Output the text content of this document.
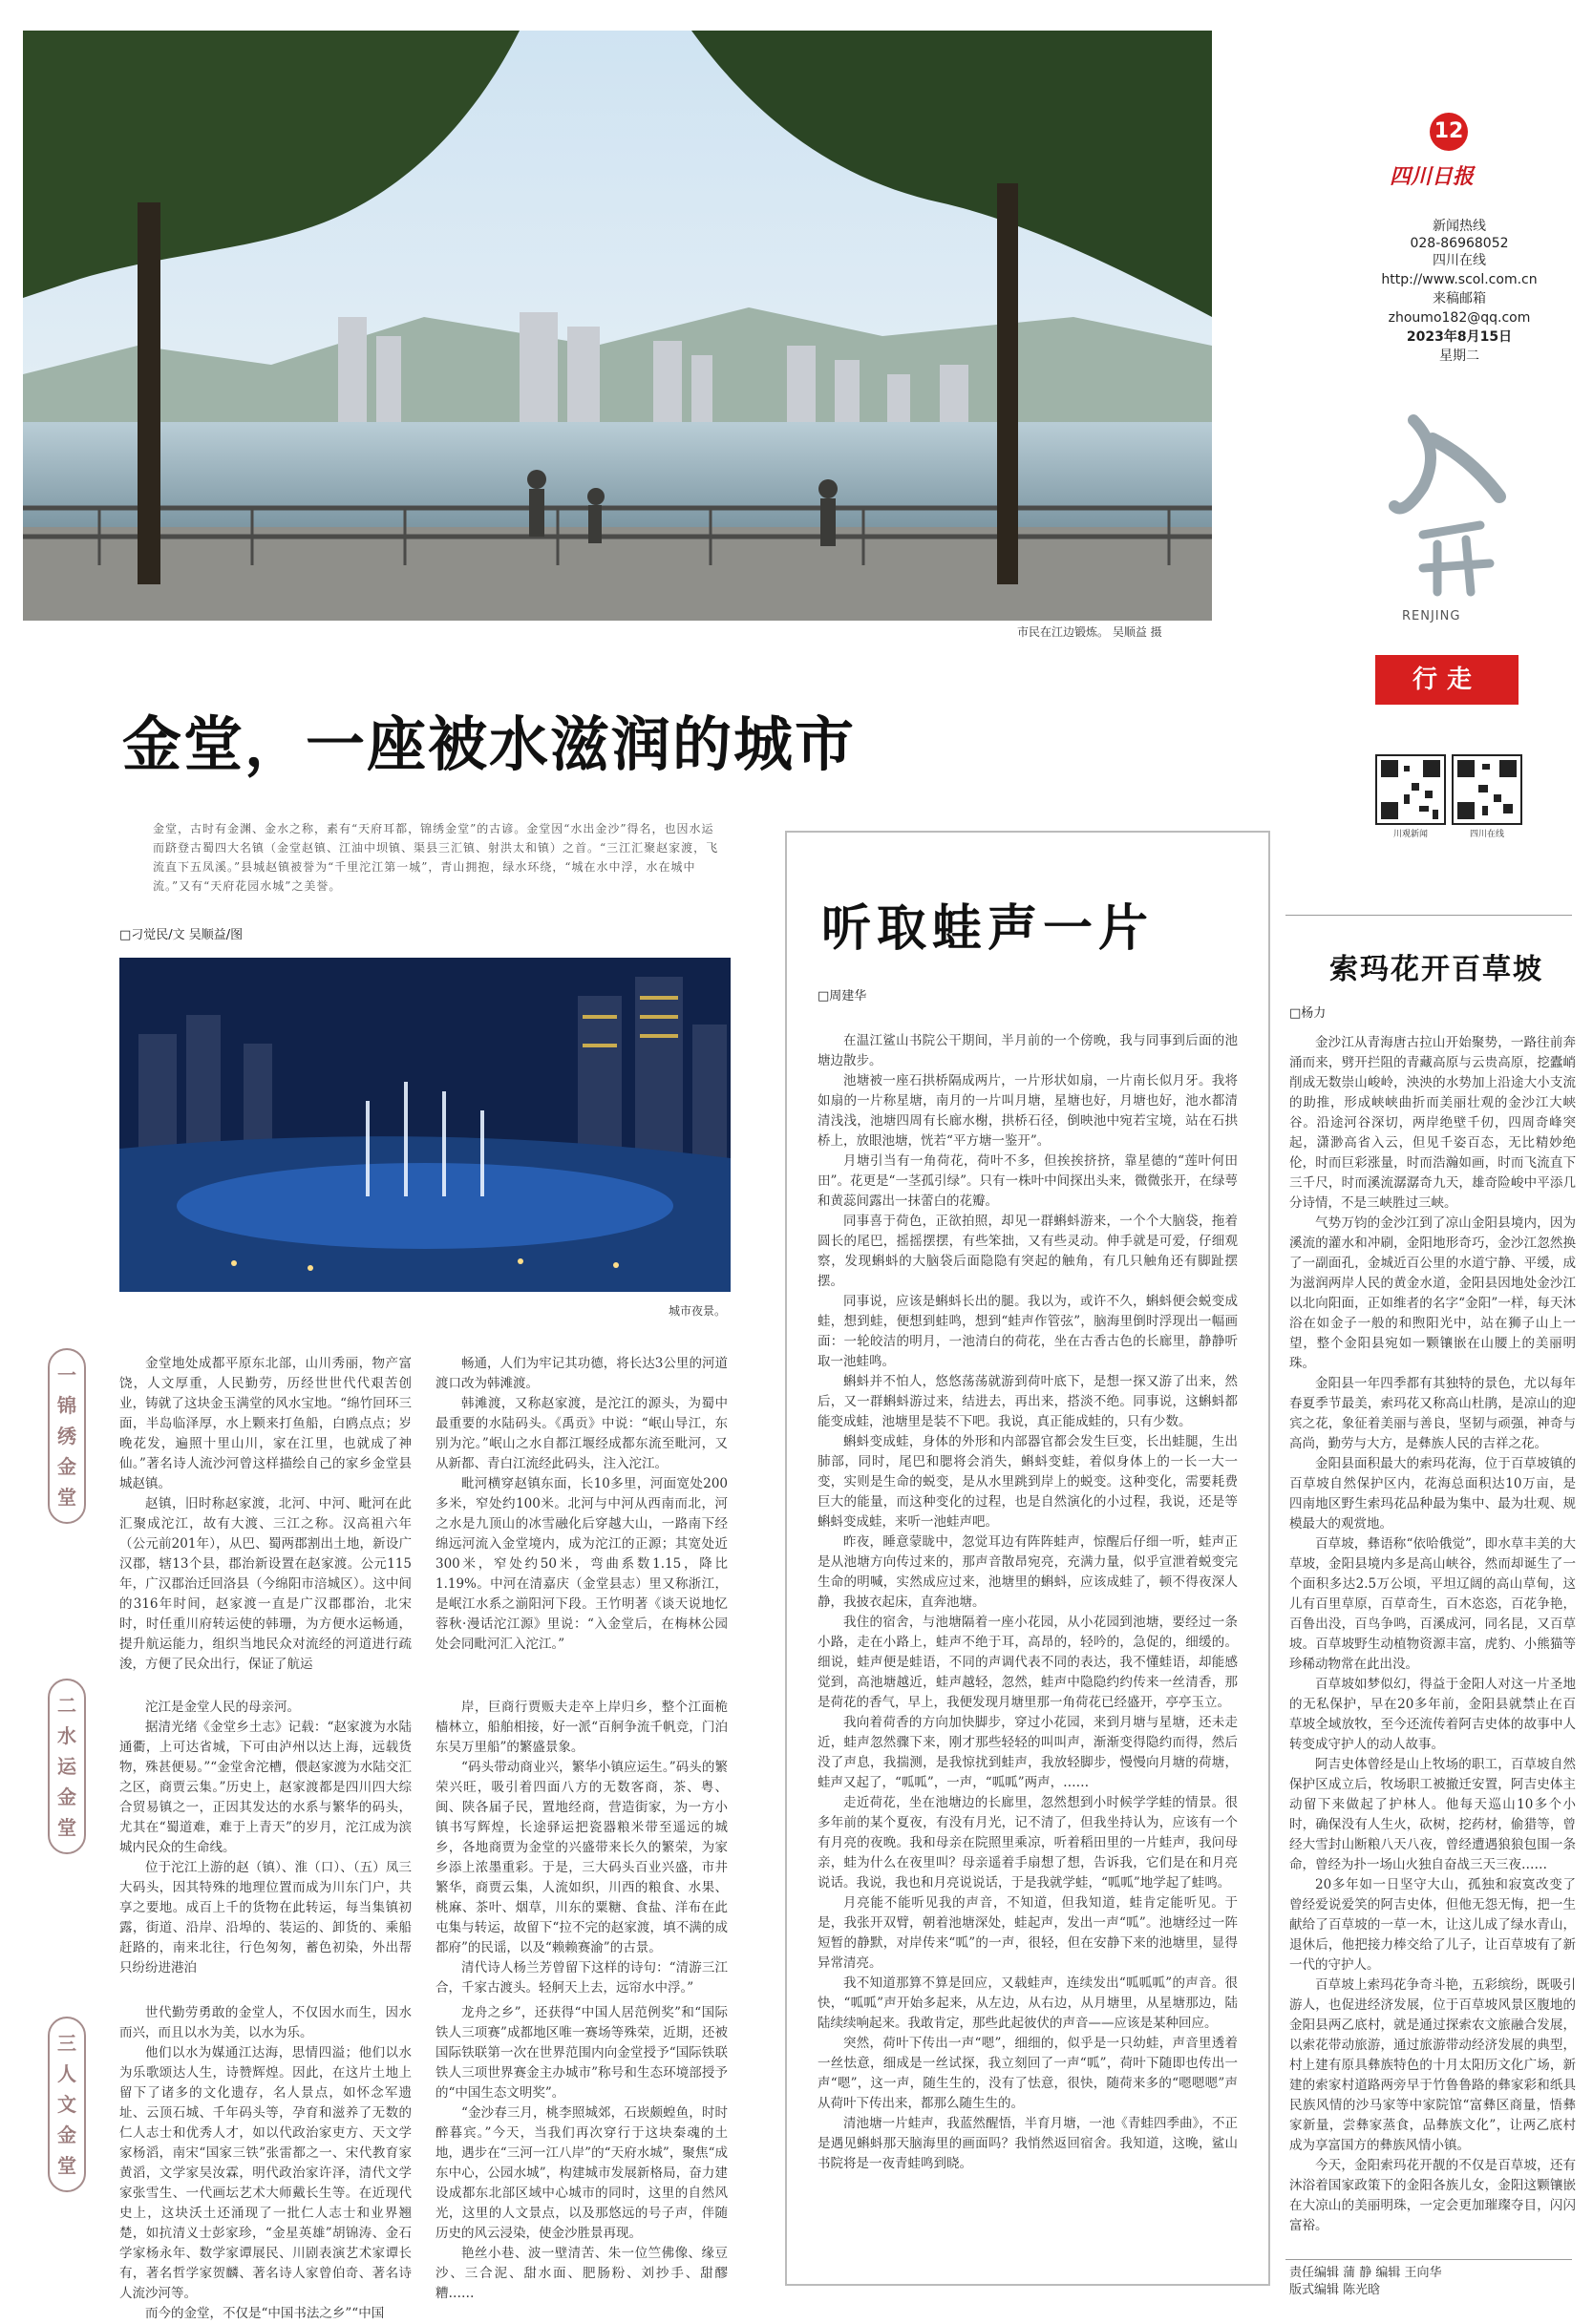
市民在江边锻炼。 吴顺益 摄
12
四川日报
新闻热线
028-86968052
四川在线
http://www.scol.com.cn
来稿邮箱
zhoumo182@qq.com
2023年8月15日
星期二
RENJING
行走
川观新闻	四川在线
金堂，一座被水滋润的城市
金堂，古时有金渊、金水之称，素有“天府耳都，锦绣金堂”的古谚。金堂因“水出金沙”得名，也因水运而跻登古蜀四大名镇（金堂赵镇、江油中坝镇、渠县三汇镇、射洪太和镇）之首。“三江汇聚赵家渡，飞流直下五凤溪。”县城赵镇被誉为“千里沱江第一城”，青山拥抱，绿水环绕，“城在水中浮，水在城中流。”又有“天府花园水城”之美誉。
□刁觉民/文 吴顺益/图
城市夜景。
一
锦
绣
金
堂
二
水
运
金
堂
三
人
文
金
堂

金堂地处成都平原东北部，山川秀丽，物产富饶，人文厚重，人民勤劳，历经世世代代艰苦创业，铸就了这块金玉满堂的风水宝地。“绵竹回环三面，半岛临泽厚，水上颗来打鱼船，白鸥点点；岁晚花发，遍照十里山川，家在江里，也就成了神仙。”著名诗人流沙河曾这样描绘自己的家乡金堂县城赵镇。

赵镇，旧时称赵家渡，北河、中河、毗河在此汇聚成沱江，故有大渡、三江之称。汉高祖六年（公元前201年），从巴、蜀两郡割出土地，新设广汉郡，辖13个县，郡治新设置在赵家渡。公元115年，广汉郡治迁回洛县（今绵阳市涪城区）。这中间的316年时间，赵家渡一直是广汉郡郡治，北宋时，时任重川府转运使的韩珊，为方便水运畅通，提升航运能力，组织当地民众对流经的河道进行疏浚，方便了民众出行，保证了航运

畅通，人们为牢记其功德，将长达3公里的河道渡口改为韩滩渡。

韩滩渡，又称赵家渡，是沱江的源头，为蜀中最重要的水陆码头。《禹贡》中说：“岷山导江，东别为沱。”岷山之水自都江堰经成都东流至毗河，又从新都、青白江流经此码头，注入沱江。

毗河横穿赵镇东面，长10多里，河面宽处200多米，窄处约100米。北河与中河从西南而北，河之水是九顶山的冰雪融化后穿越大山，一路南下经绵远河流入金堂境内，成为沱江的正源；其宽处近300米，窄处约50米，弯曲系数1.15，降比1.19%。中河在清嘉庆（金堂县志）里又称浙江，是岷江水系之湔阳河下段。王竹明著《谈天说地忆蓉秋·漫话沱江源》里说：“入金堂后，在梅林公园处会同毗河汇入沱江。”

沱江是金堂人民的母亲河。

据清光绪《金堂乡土志》记载：“赵家渡为水陆通衢，上可达省城，下可由泸州以达上海，远载货物，殊甚便易。”“金堂舍沱槽，偎赵家渡为水陆交汇之区，商贾云集。”历史上，赵家渡都是四川四大综合贸易镇之一，正因其发达的水系与繁华的码头，尤其在“蜀道难，难于上青天”的岁月，沱江成为滨城内民众的生命线。

位于沱江上游的赵（镇）、淮（口）、（五）凤三大码头，因其特殊的地理位置而成为川东门户，共享之要地。成百上千的货物在此转运，每当集镇初露，街道、沿岸、沿埠的、装运的、卸货的、乘船赶路的，南来北往，行色匆匆，蓄色初染，外出帮只纷纷进港泊

岸，巨商行贾贩夫走卒上岸归乡，整个江面桅樯林立，船舶相接，好一派“百舸争流千帆竞，门泊东吴万里船”的繁盛景象。

“码头带动商业兴，繁华小镇应运生。”码头的繁荣兴旺，吸引着四面八方的无数客商，茶、粤、闽、陕各届子民，置地经商，营造街家，为一方小镇书写辉煌，长途驿运把瓷器粮米带至遥远的城乡，各地商贾为金堂的兴盛带来长久的繁荣，为家乡添上浓墨重彩。于是，三大码头百业兴盛，市井繁华，商贾云集，人流如织，川西的粮食、水果、桃麻、茶叶、烟草，川东的粟糖、食盐、洋布在此屯集与转运，故留下“拉不完的赵家渡，填不满的成都府”的民谣，以及“赖赖赛渝”的古景。

清代诗人杨兰芳曾留下这样的诗句：“清游三江合，千家古渡头。轻舸天上去，远帘水中浮。”

世代勤劳勇敢的金堂人，不仅因水而生，因水而兴，而且以水为美，以水为乐。

他们以水为媒通江达海，思情四溢；他们以水为乐歌颂达人生，诗赞辉煌。因此，在这片土地上留下了诸多的文化遗存，名人景点，如怀念军遗址、云顶石城、千年码头等，孕育和滋养了无数的仁人志士和优秀人才，如以代政治家吏方、天文学家杨滔，南宋“国家三铁”张雷都之一、宋代教育家黄滔，文学家吴汝霖，明代政治家许泽，清代文学家张雪生、一代画坛艺术大师戴长生等。在近现代史上，这块沃土还涌现了一批仁人志士和业界翘楚，如抗清义士彭家珍，“金星英雄”胡锦涛、金石学家杨永年、数学家谭展民、川剧表演艺术家谭长有，著名哲学家贺麟、著名诗人家曾伯奇、著名诗人流沙河等。

而今的金堂，不仅是“中国书法之乡”“中国

龙舟之乡”，还获得“中国人居范例奖”和“国际铁人三项赛”成都地区唯一赛场等殊荣，近期，还被国际铁联第一次在世界范围内向金堂授予“国际铁联铁人三项世界赛金主办城市”称号和生态环境部授予的“中国生态文明奖”。

“金沙春三月，桃李照城郊，石崁颇蝗鱼，时时醉暮宾。”今天，当我们再次穿行于这块秦魂的土地，遇步在“三河一江八岸”的“天府水城”，聚焦“成东中心，公园水城”，构建城市发展新格局，奋力建设成都东北部区域中心城市的同时，这里的自然风光，这里的人文景点，以及那悠远的号子声，伴随历史的风云浸染，使金沙胜景再现。

艳丝小巷、波一壁清苦、朱一位竺佛像、缘豆沙、三合泥、甜水面、肥肠粉、刘抄手、甜醪糟……

听取蛙声一片
□周建华

在温江鲨山书院公干期间，半月前的一个傍晚，我与同事到后面的池塘边散步。

池塘被一座石拱桥隔成两片，一片形状如扇，一片南长似月牙。我将如扇的一片称星塘，南月的一片叫月塘，星塘也好，月塘也好，池水都清清浅浅，池塘四周有长廊水榭，拱桥石径，倒映池中宛若宝境，站在石拱桥上，放眼池塘，恍若“平方塘一鉴开”。

月塘引当有一角荷花，荷叶不多，但挨挨挤挤，靠星德的“莲叶何田田”。花更是“一茎孤引绿”。只有一株叶中间探出头来，微微张开，在绿萼和黄蕊间露出一抹蕾白的花瓣。

同事喜于荷色，正欲拍照，却见一群蝌蚪游来，一个个大脑袋，拖着圆长的尾巴，摇摇摆摆，有些笨拙，又有些灵动。伸手就是可爱，仔细观察，发现蝌蚪的大脑袋后面隐隐有突起的触角，有几只触角还有脚趾摆摆。

同事说，应该是蝌蚪长出的腿。我以为，或许不久，蝌蚪便会蜕变成蛙，想到蛙，便想到蛙鸣，想到“蛙声作管弦”，脑海里倒时浮现出一幅画面：一轮皎洁的明月，一池清白的荷花，坐在古香古色的长廊里，静静听取一池蛙鸣。

蝌蚪并不怕人，悠悠荡荡就游到荷叶底下，是想一探又游了出来，然后，又一群蝌蚪游过来，结进去，再出来，搭淡不绝。同事说，这蝌蚪都能变成蛙，池塘里是装不下吧。我说，真正能成蛙的，只有少数。

蝌蚪变成蛙，身体的外形和内部器官都会发生巨变，长出蛙腿，生出肺部，同时，尾巴和腮将会消失，蝌蚪变蛙，着似身体上的一长一大一变，实则是生命的蜕变，是从水里跳到岸上的蜕变。这种变化，需要耗费巨大的能量，而这种变化的过程，也是自然演化的小过程，我说，还是等蝌蚪变成蛙，来听一池蛙声吧。

昨夜，睡意蒙眬中，忽觉耳边有阵阵蛙声，惊醒后仔细一听，蛙声正是从池塘方向传过来的，那声音散昂宛亮，充满力量，似乎宣泄着蜕变完生命的明喊，实然成应过来，池塘里的蝌蚪，应该成蛙了，顿不得夜深人静，我披衣起床，直奔池塘。

我住的宿舍，与池塘隔着一座小花园，从小花园到池塘，要经过一条小路，走在小路上，蛙声不绝于耳，高昂的，轻吟的，急促的，细缓的。细说，蛙声便是蛙语，不同的声调代表不同的表达，我不懂蛙语，却能感觉到，高池塘越近，蛙声越轻，忽然，蛙声中隐隐约约传来一丝清香，那是荷花的香气，早上，我便发现月塘里那一角荷花已经盛开，亭亭玉立。

我向着荷香的方向加快脚步，穿过小花园，来到月塘与星塘，还未走近，蛙声忽然骤下来，刚才那些轻轻的叫叫声，渐渐变得隐约而得，然后没了声息，我揣测，是我惊扰到蛙声，我放轻脚步，慢慢向月塘的荷塘，蛙声又起了，“呱呱”，一声，“呱呱”两声，……

走近荷花，坐在池塘边的长廊里，忽然想到小时候学学蛙的情景。很多年前的某个夏夜，有没有月光，记不清了，但我坐持认为，应该有一个有月亮的夜晚。我和母亲在院照里乘凉，听着稻田里的一片蛙声，我问母亲，蛙为什么在夜里叫？母亲遥着手扇想了想，告诉我，它们是在和月亮说话。我说，我也和月亮说说话，于是我就学蛙，“呱呱”地学起了蛙鸣。

月亮能不能听见我的声音，不知道，但我知道，蛙肯定能听见。于是，我张开双臂，朝着池塘深处，蛙起声，发出一声“呱”。池塘经过一阵短暂的静默，对岸传来“呱”的一声，很轻，但在安静下来的池塘里，显得异常清亮。

我不知道那算不算是回应，又载蛙声，连续发出“呱呱呱”的声音。很快，“呱呱”声开始多起来，从左边，从右边，从月塘里，从星塘那边，陆陆续续响起来。我敢肯定，那些此起彼伏的声音——应该是某种回应。

突然，荷叶下传出一声“嗯”，细细的，似乎是一只幼蛙，声音里透着一丝怯意，细成是一丝试探，我立刻回了一声“呱”，荷叶下随即也传出一声“嗯”，这一声，随生生的，没有了怯意，很快，随荷来多的“嗯嗯嗯”声从荷叶下传出来，都那么随生生的。

清池塘一片蛙声，我蓝然醒悟，半育月塘，一池《青蛙四季曲》，不正是遇见蝌蚪那天脑海里的画面吗？我悄然返回宿舍。我知道，这晚，鲨山书院将是一夜青蛙鸣到晓。

索玛花开百草坡
□杨力

金沙江从青海唐古拉山开始聚势，一路往前奔涌而来，劈开拦阻的青藏高原与云贵高原，挖蠹峭削成无数崇山峻岭，泱泱的水势加上沿途大小支流的助推，形成峡峡曲折而美丽壮观的金沙江大峡谷。沿途河谷深切，两岸绝壁千仞，四周奇峰突起，潇渺高省入云，但见千姿百态，无比精妙绝伦，时而巨彩涨量，时而浩瀚如画，时而飞流直下三千尺，时而溪流潺潺奇九天，雄奇险峻中平添几分诗情，不是三峡胜过三峡。

气势万钧的金沙江到了凉山金阳县境内，因为溪流的灌水和冲刷，金阳地形奇巧，金沙江忽然换了一副面孔，金城近百公里的水道宁静、平缓，成为滋润两岸人民的黄金水道，金阳县因地处金沙江以北向阳面，正如维者的名字“金阳”一样，每天沐浴在如金子一般的和煦阳光中，站在狮子山上一望，整个金阳县宛如一颗镶嵌在山腰上的美丽明珠。

金阳县一年四季都有其独特的景色，尤以每年春夏季节最美，索玛花又称高山杜鹃，是凉山的迎宾之花，象征着美丽与善良，坚韧与顽强，神奇与高尚，勤劳与大方，是彝族人民的吉祥之花。

金阳县面积最大的索玛花海，位于百草坡镇的百草坡自然保护区内，花海总面积达10万亩，是四南地区野生索玛花品种最为集中、最为壮观、规模最大的观赏地。

百草坡，彝语称“依哈俄觉”，即水草丰美的大草坡，金阳县境内多是高山峡谷，然而却诞生了一个面积多达2.5万公顷，平坦辽阔的高山草甸，这儿有百里草原，百草奇生，百木恣恣，百花争艳，百鲁出没，百鸟争鸣，百溪成河，同名昆，又百草坡。百草坡野生动植物资源丰富，虎豹、小熊猫等珍稀动物常在此出没。

百草坡如梦似幻，得益于金阳人对这一片圣地的无私保护，早在20多年前，金阳县就禁止在百草坡全域放牧，至今还流传着阿吉史体的故事中人转变成守护人的动人故事。

阿吉史体曾经是山上牧场的职工，百草坡自然保护区成立后，牧场职工被撤迁安置，阿吉史体主动留下来做起了护林人。他每天巡山10多个小时，确保没有人生火，砍树，挖药材，偷猎等，曾经大雪封山断粮八天八夜，曾经遭遇狼狼包围一条命，曾经为扑一场山火独自奋战三天三夜……

20多年如一日坚守大山，孤独和寂寞改变了曾经爱说爱笑的阿吉史体，但他无怨无悔，把一生献给了百草坡的一草一木，让这儿成了绿水青山，退休后，他把接力棒交给了儿子，让百草坡有了新一代的守护人。

百草坡上索玛花争奇斗艳，五彩缤纷，既吸引游人，也促进经济发展，位于百草坡风景区腹地的金阳县两乙底村，就是通过探索农文旅融合发展，以索花带动旅游，通过旅游带动经济发展的典型，村上建有原具彝族特色的十月太阳历文化广场，新建的索家村道路两旁早于竹鲁鲁路的彝家彩和纸具民族风情的沙马家等中家院馆“富彝区商量，悟彝家新量，尝彝家蒸食，品彝族文化”，让两乙底村成为享富国方的彝族风情小镇。

今天，金阳索玛花开靓的不仅是百草坡，还有沐浴着国家政策下的金阳各族儿女，金阳这颗镶嵌在大凉山的美丽明珠，一定会更加璀璨夺目，闪闪富裕。

责任编辑 蒲 静 编辑 王向华
版式编辑 陈光晗
